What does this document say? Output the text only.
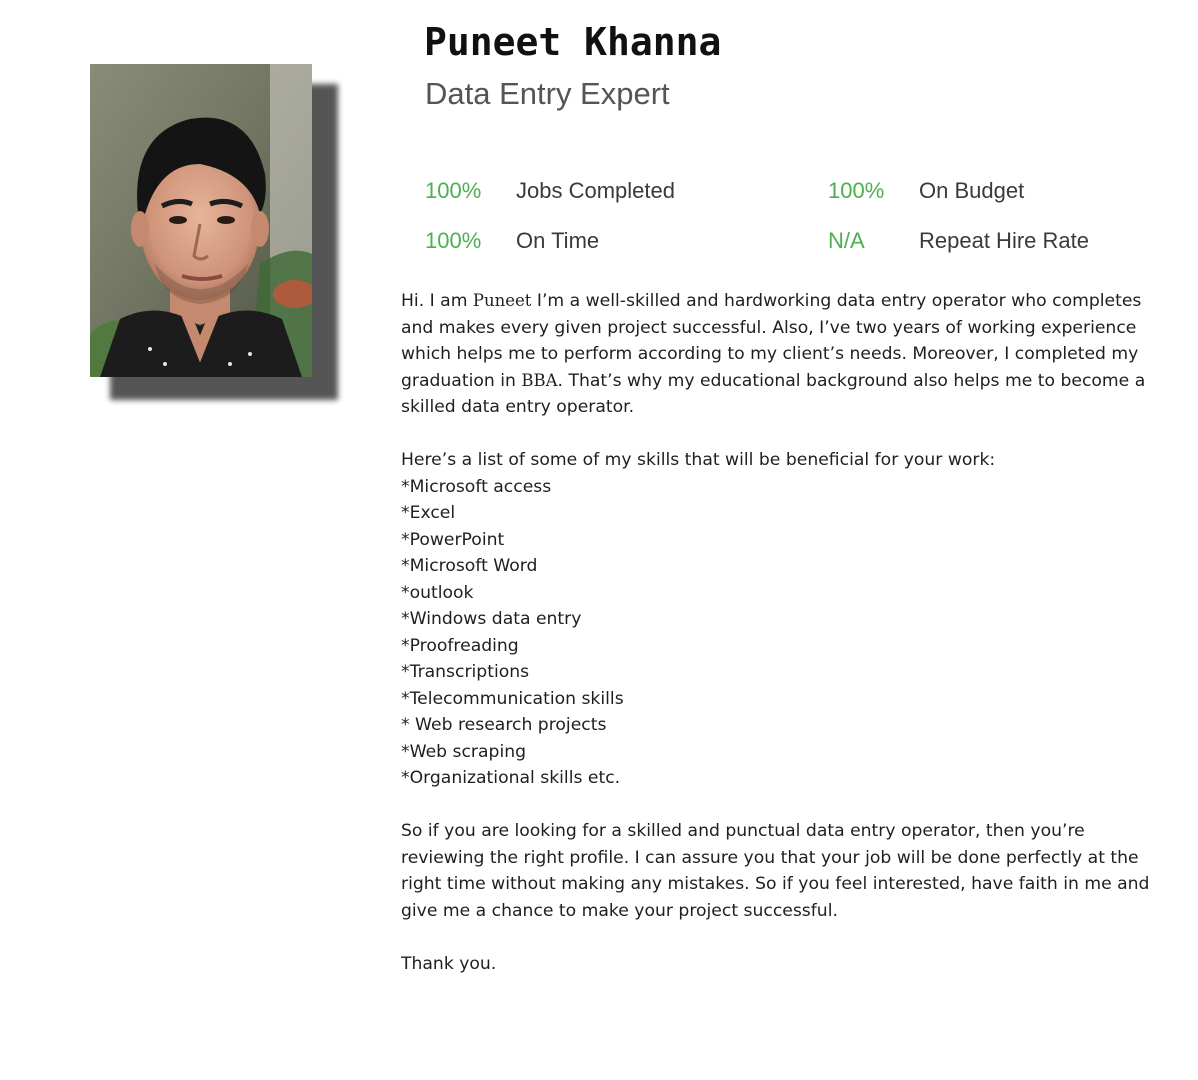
Puneet Khanna
Data Entry Expert
100% Jobs Completed	100% On Budget
100% On Time	N/A Repeat Hire Rate

Hi. I am Puneet I’m a well-skilled and hardworking data entry operator who completes and makes every given project successful. Also, I’ve two years of working experience which helps me to perform according to my client’s needs. Moreover, I completed my graduation in BBA. That’s why my educational background also helps me to become a skilled data entry operator.

Here’s a list of some of my skills that will be beneficial for your work:

*Microsoft access
*Excel
*PowerPoint
*Microsoft Word
*outlook
*Windows data entry
*Proofreading
*Transcriptions
*Telecommunication skills
* Web research projects
*Web scraping
*Organizational skills etc.

So if you are looking for a skilled and punctual data entry operator, then you’re reviewing the right profile. I can assure you that your job will be done perfectly at the right time without making any mistakes. So if you feel interested, have faith in me and give me a chance to make your project successful.

Thank you.
